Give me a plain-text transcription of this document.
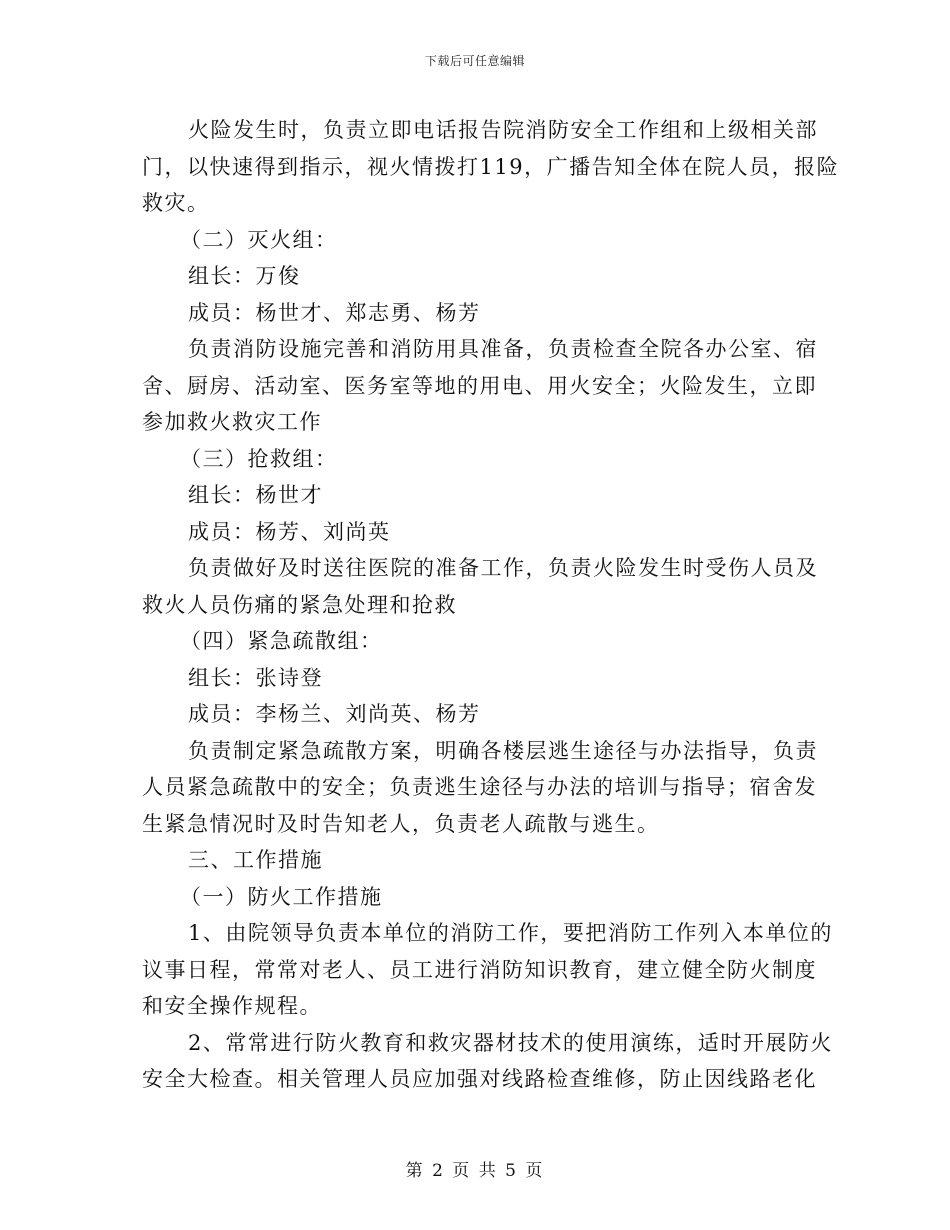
下载后可任意编辑
火险发生时，负责立即电话报告院消防安全工作组和上级相关部
门，以快速得到指示，视火情拨打119，广播告知全体在院人员，报险
救灾。
（二）灭火组：
组长：万俊
成员：杨世才、郑志勇、杨芳
负责消防设施完善和消防用具准备，负责检查全院各办公室、宿
舍、厨房、活动室、医务室等地的用电、用火安全；火险发生，立即
参加救火救灾工作
（三）抢救组：
组长：杨世才
成员：杨芳、刘尚英
负责做好及时送往医院的准备工作，负责火险发生时受伤人员及
救火人员伤痛的紧急处理和抢救
（四）紧急疏散组：
组长：张诗登
成员：李杨兰、刘尚英、杨芳
负责制定紧急疏散方案，明确各楼层逃生途径与办法指导，负责
人员紧急疏散中的安全；负责逃生途径与办法的培训与指导；宿舍发
生紧急情况时及时告知老人，负责老人疏散与逃生。
三、工作措施
（一）防火工作措施
1、由院领导负责本单位的消防工作，要把消防工作列入本单位的
议事日程，常常对老人、员工进行消防知识教育，建立健全防火制度
和安全操作规程。
2、常常进行防火教育和救灾器材技术的使用演练，适时开展防火
安全大检查。相关管理人员应加强对线路检查维修，防止因线路老化
第 2 页 共 5 页
